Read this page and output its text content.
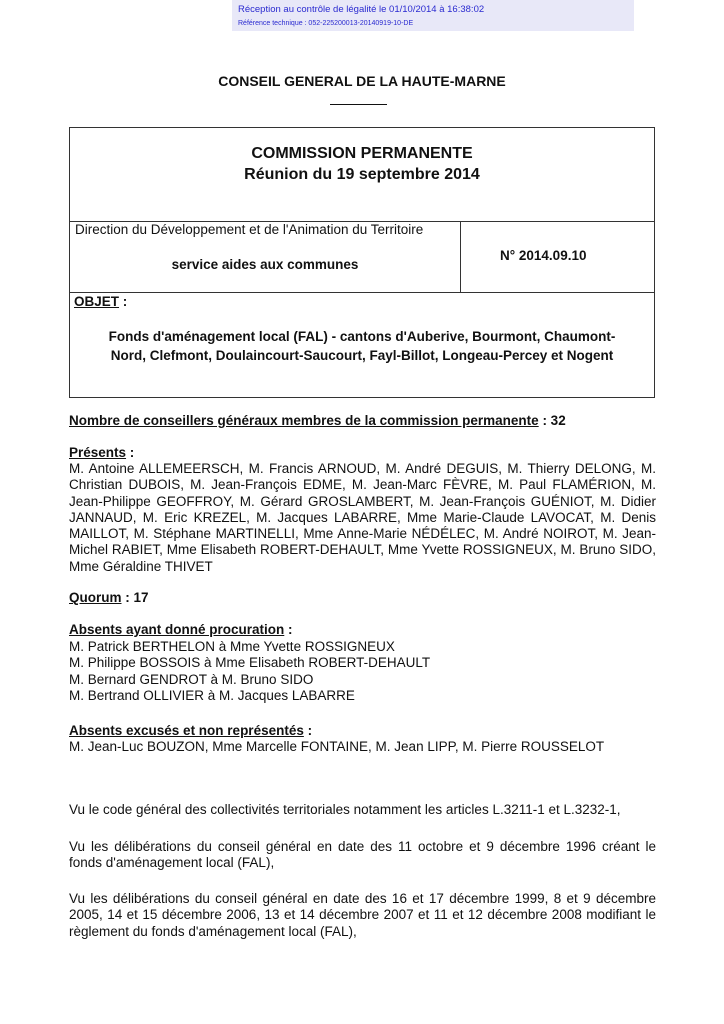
Réception au contrôle de légalité le 01/10/2014 à 16:38:02
Référence technique : 052-225200013-20140919-10-DE
CONSEIL GENERAL DE LA HAUTE-MARNE
COMMISSION PERMANENTE
Réunion du 19 septembre 2014
Direction du Développement et de l'Animation du Territoire
service aides aux communes
N° 2014.09.10
OBJET :
Fonds d'aménagement local (FAL) - cantons d'Auberive, Bourmont, Chaumont-
Nord, Clefmont, Doulaincourt-Saucourt, Fayl-Billot, Longeau-Percey et Nogent
Nombre de conseillers généraux membres de la commission permanente : 32
Présents :
M. Antoine ALLEMEERSCH, M. Francis ARNOUD, M. André DEGUIS, M. Thierry DELONG, M. Christian DUBOIS, M. Jean-François EDME, M. Jean-Marc FÈVRE, M. Paul FLAMÉRION, M. Jean-Philippe GEOFFROY, M. Gérard GROSLAMBERT, M. Jean-François GUÉNIOT, M. Didier JANNAUD, M. Eric KREZEL, M. Jacques LABARRE, Mme Marie-Claude LAVOCAT, M. Denis MAILLOT, M. Stéphane MARTINELLI, Mme Anne-Marie NÉDÉLEC, M. André NOIROT, M. Jean-Michel RABIET, Mme Elisabeth ROBERT-DEHAULT, Mme Yvette ROSSIGNEUX, M. Bruno SIDO, Mme Géraldine THIVET
Quorum : 17
Absents ayant donné procuration :
M. Patrick BERTHELON à Mme Yvette ROSSIGNEUX
M. Philippe BOSSOIS à Mme Elisabeth ROBERT-DEHAULT
M. Bernard GENDROT à M. Bruno SIDO
M. Bertrand OLLIVIER à M. Jacques LABARRE
Absents excusés et non représentés :
M. Jean-Luc BOUZON, Mme Marcelle FONTAINE, M. Jean LIPP, M. Pierre ROUSSELOT
Vu le code général des collectivités territoriales notamment les articles L.3211-1 et L.3232-1,
Vu les délibérations du conseil général en date des 11 octobre et 9 décembre 1996 créant le fonds d'aménagement local (FAL),
Vu les délibérations du conseil général en date des 16 et 17 décembre 1999, 8 et 9 décembre 2005, 14 et 15 décembre 2006, 13 et 14 décembre 2007 et 11 et 12 décembre 2008 modifiant le règlement du fonds d'aménagement local (FAL),
